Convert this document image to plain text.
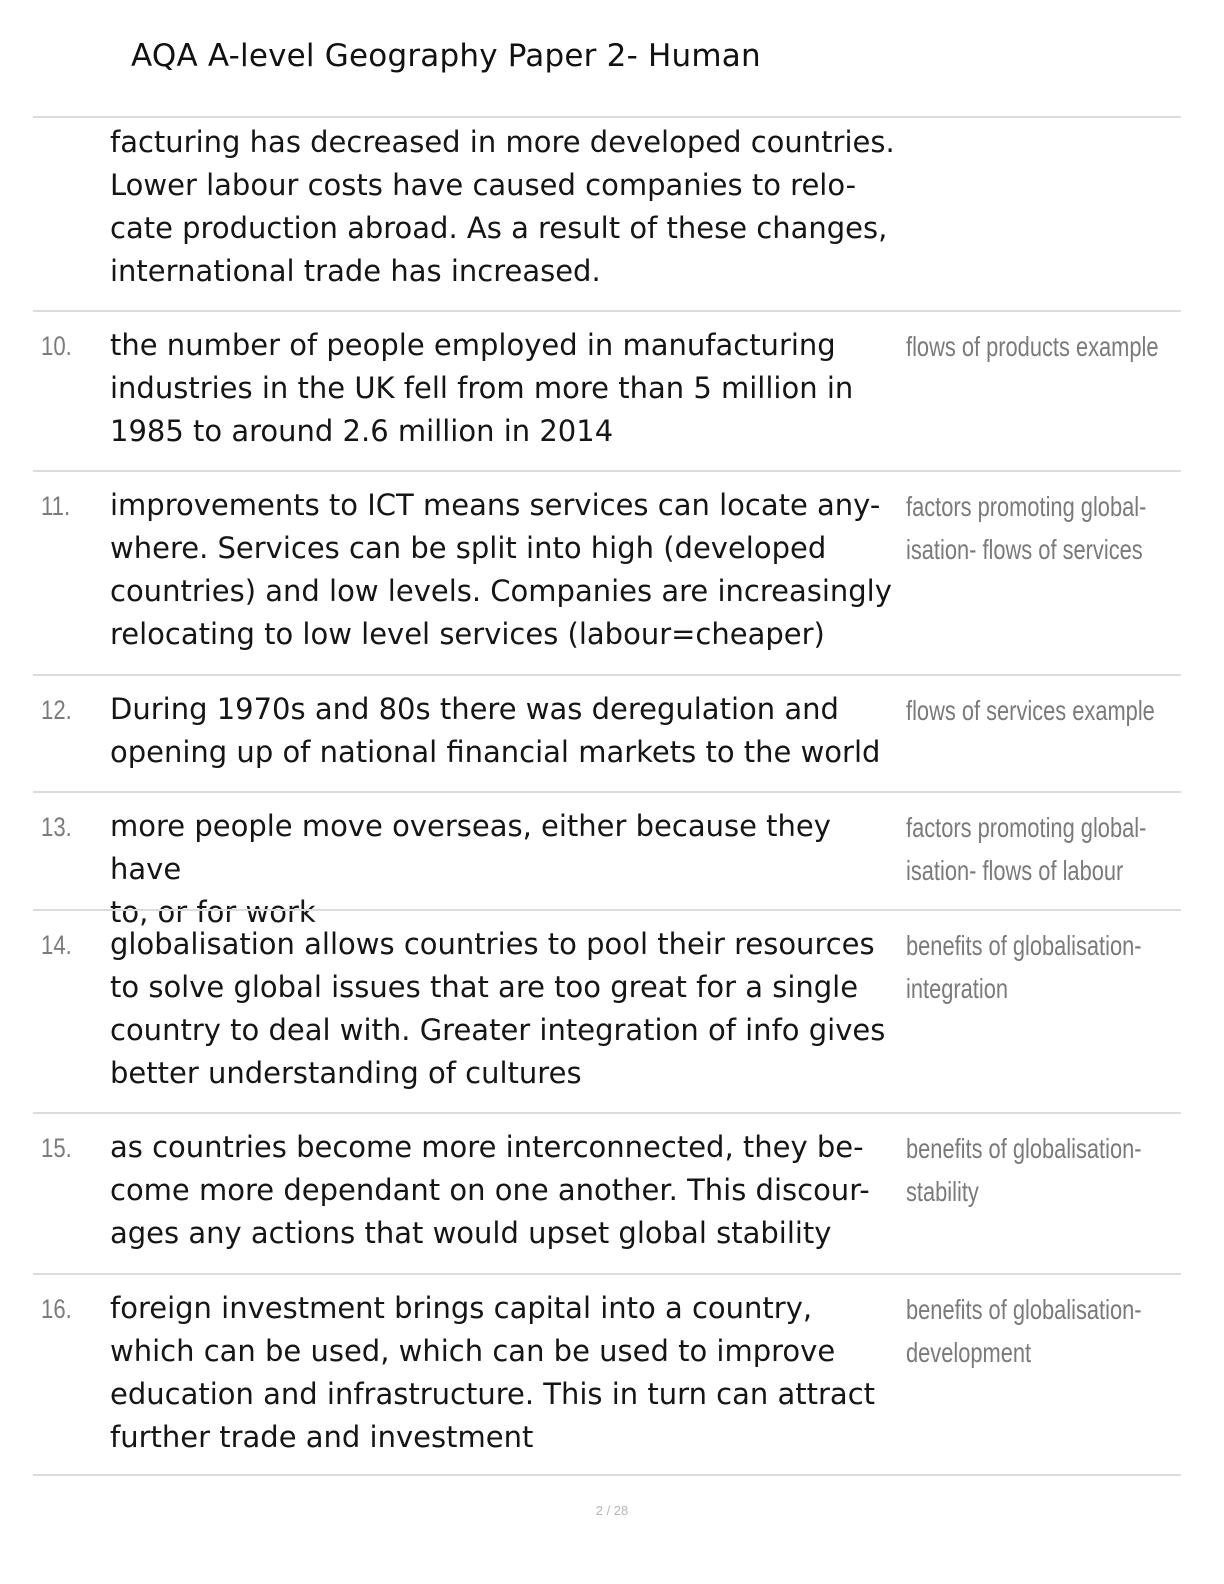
AQA A-level Geography Paper 2- Human
facturing has decreased in more developed countries.
Lower labour costs have caused companies to relo-
cate production abroad. As a result of these changes,
international trade has increased.
10. the number of people employed in manufacturing
industries in the UK fell from more than 5 million in
1985 to around 2.6 million in 2014
flows of products example
11. improvements to ICT means services can locate any-
where. Services can be split into high (developed
countries) and low levels. Companies are increasingly
relocating to low level services (labour=cheaper)
factors promoting global-
isation- flows of services
12. During 1970s and 80s there was deregulation and
opening up of national financial markets to the world
flows of services example
13. more people move overseas, either because they have
to, or for work
factors promoting global-
isation- flows of labour
14. globalisation allows countries to pool their resources
to solve global issues that are too great for a single
country to deal with. Greater integration of info gives
better understanding of cultures
benefits of globalisation-
integration
15. as countries become more interconnected, they be-
come more dependant on one another. This discour-
ages any actions that would upset global stability
benefits of globalisation-
stability
16. foreign investment brings capital into a country,
which can be used, which can be used to improve
education and infrastructure. This in turn can attract
further trade and investment
benefits of globalisation-
development
2 / 28
